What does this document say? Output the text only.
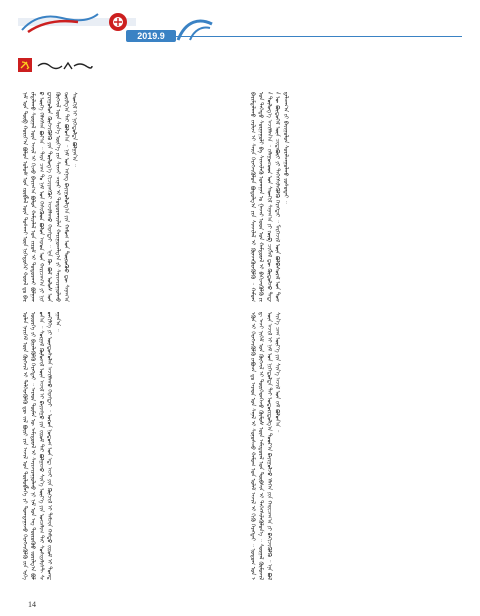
2019.9
ᠨᠠᠮ ᠤᠨ ᠲᠥᠪ ᠬᠣᠷᠢᠶ᠎ᠠ ᠪᠤᠯᠤᠨ ᠤᠯᠤᠰ ᠤᠨ ᠵᠥᠪᠯᠡᠯ ᠦᠨ ᠲᠤᠰᠬᠠᠶ ᠦᠨ ᠨᠢᠭᠡᠳᠦᠭᠡᠷ ᠬᠤᠷᠠᠯ ᠳᠤ ᠪᠠᠷᠢᠮᠲᠠᠯᠠᠬᠤ ᠰᠤᠷᠭᠠᠯ ᠦᠨ ᠠᠵᠢᠯ ᠢ ᠬᠢᠵᠦ ᠪᠠᠶᠢᠭ᠎ᠠ ᠪᠣᠯᠤᠨ ᠬᠠᠮᠢᠶᠠᠯᠠᠯ ᠤᠨ ᠵᠢᠷᠤᠮ ᠢ ᠲᠣᠳᠤᠷᠬᠠᠶ ᠪᠣᠯᠭᠠᠬᠤ ᠦᠭᠡ ᠬᠡᠯᠡᠭᠰᠡᠨ ᠪᠤᠶ᠎ᠠ ᠃ ᠲᠡᠷᠡ ᠴᠠᠭ ᠲᠤ ᠨᠠᠮ ᠤᠨ ᠭᠡᠰᠢᠭᠦᠳ ᠪᠣᠯᠤᠨ ᠠᠷᠠᠳ ᠤᠨ ᠬᠠᠷᠢᠴᠠᠭ᠎ᠠ ᠶᠢ ᠨᠢᠭᠲᠠᠷᠠᠭᠤᠯᠤᠨ ᠬᠥᠭᠵᠢᠭᠦᠯᠬᠦ ᠶᠢᠨ ᠲᠥᠯᠦᠭ᠎ᠡ ᠬᠢᠴᠢᠶᠡᠩᠭᠦᠢ ᠠᠵᠢᠯᠯᠠᠬᠤ ᠬᠡᠷᠡᠭᠲᠡᠢ ᠃ ᠡᠨᠡ ᠬᠦ ᠪᠤᠯ ᠤᠯᠤᠰ ᠤᠨ ᠬᠥᠭᠵᠢᠯ ᠦᠨ ᠰᠢᠨ᠎ᠡ ᠦᠶ᠎ᠡ ᠶᠢᠨ ᠰᠢᠨᠵᠢ ᠴᠢᠨᠠᠷ ᠢ ᠲᠣᠳᠤᠷᠬᠠᠶᠢᠯᠠᠨ ᠬᠠᠷᠢᠭᠤᠴᠠᠯᠭ᠎ᠠ ᠶᠢ ᠰᠠᠶᠢᠵᠢᠷᠠᠭᠤᠯᠬᠤ ᠵᠣᠷᠢᠯᠭ᠎ᠠ ᠲᠠᠶ ᠪᠣᠯᠤᠨ᠎ᠠ ᠃ ᠨᠠᠮ ᠤᠨ ᠡᠩᠨᠡᠭ ᠪᠠᠶᠢᠭᠤᠯᠤᠯᠭ᠎ᠠ ᠶᠢᠨ ᠬᠠᠮᠤᠭ ᠤᠨ ᠲᠦᠷᠦᠭᠦᠦ ᠳᠦ ᠰᠠᠨᠠᠭ᠎ᠠ ᠰᠡᠳᠬᠢᠯ ᠢ ᠨᠢᠭᠡᠳᠦᠯᠲᠡ ᠪᠣᠯᠭᠠᠨ᠎ᠠ ᠃
ᠣᠯᠠᠨ ᠨᠡᠶᠢᠭᠡᠮ ᠦᠨ ᠬᠥᠭᠵᠢᠯ ᠢ ᠲᠡᠯᠭᠡᠷᠡᠭᠦᠯᠬᠦ ᠳᠦ ᠵᠢᠯ ᠪᠦᠷᠢ ᠶᠢᠨ ᠠᠵᠢᠯ ᠤᠨ ᠲᠥᠯᠦᠪᠯᠡᠭᠡ ᠶᠢ ᠲᠣᠭᠲᠠᠭᠠᠵᠤ ᠬᠡᠷᠡᠭᠵᠢᠭᠦᠯᠬᠦ ᠶᠢᠨ ᠡᠷᠬᠡ ᠦᠦᠷᠭᠡ ᠶᠢ ᠪᠢᠶᠡᠯᠡᠭᠦᠯᠬᠦ ᠬᠡᠷᠡᠭᠲᠡᠢ ᠃ ᠠᠷᠠᠳ ᠲᠦᠮᠡᠨ ᠦ ᠠᠮᠢᠳᠤᠷᠠᠯ ᠢ ᠰᠠᠶᠢᠵᠢᠷᠠᠭᠤᠯᠬᠤ ᠨᠢ ᠨᠠᠮ ᠤᠨ ᠡᠩ ᠲᠦᠷᠦᠭᠦᠦ ᠵᠣᠷᠢᠯᠭ᠎ᠠ ᠪᠣᠯᠤᠨ᠎ᠠ ᠃ ᠰᠤᠷᠭᠠᠯ ᠬᠦᠮᠦᠵᠢᠯ ᠦᠨ ᠠᠵᠢᠯ ᠢ ᠪᠠᠶᠢᠩᠭᠤ ᠶᠢᠨ ᠵᠢᠷᠤᠮ ᠲᠠᠶ ᠪᠣᠯᠭᠠᠵᠤ ᠰᠢᠨ᠎ᠡ ᠦᠶ᠎ᠡ ᠶᠢᠨ ᠣᠨᠴᠠᠯᠢᠭ ᠲᠠᠶ ᠰᠣᠰᠢᠶᠠᠯᠢᠰᠲ ᠰᠡᠳᠬᠢᠯᠭᠡ ᠶᠢ ᠦᠨᠳᠦᠰᠦᠯᠡᠨ ᠠᠵᠢᠯᠯᠠᠬᠤ ᠬᠡᠷᠡᠭᠲᠡᠢ ᠃ ᠣᠷᠣᠨ ᠨᠤᠲᠤᠭ ᠤᠨ ᠡᠳ᠋ ᠠᠵᠢ ᠶᠢᠨ ᠬᠥᠭᠵᠢᠯ ᠢ ᠳᠡᠮᠵᠢᠨ ᠬᠠᠮᠲᠤ ᠵᠢᠷᠤᠮ ᠢ ᠲᠣᠭᠲᠠᠭᠠᠨ᠎ᠠ ᠃
ᠪᠠᠷᠢᠮᠲᠠᠯᠠᠬᠤ ᠵᠠᠷᠯᠢᠭ ᠢ ᠰᠠᠢᠨ ᠬᠡᠷᠡᠭᠵᠢᠭᠦᠯᠦᠨ ᠪᠣᠳᠤᠯᠭ᠎ᠠ ᠶᠢᠨ ᠰᠢᠨᠵᠢᠯᠡᠯ ᠢ ᠭᠦᠨᠵᠡᠭᠦᠷᠡᠭᠦᠯᠬᠦ ᠃ ᠬᠠᠮᠤᠭ ᠤᠨ ᠳᠡᠭᠡᠳᠦ ᠰᠤᠷᠭᠠᠭᠤᠯᠢ ᠪᠠ ᠰᠢᠨᠵᠢᠯᠡᠬᠦ ᠤᠬᠠᠭᠠᠨ ᠤ ᠭᠠᠵᠠᠷ ᠤᠳ ᠤᠨ ᠬᠠᠮᠲᠤᠷᠠᠯ ᠢ ᠪᠡᠬᠢᠵᠢᠭᠦᠯᠬᠦ ᠶᠢᠨ ᠲᠥᠯᠦᠭ᠎ᠡ ᠠᠵᠢᠯᠯᠠᠨ᠎ᠠ ᠃ ᠵᠠᠯᠠᠭᠤᠴᠤᠳ ᠤᠨ ᠰᠡᠳᠬᠢᠯ ᠰᠠᠨᠠᠭ᠎ᠠ ᠶᠢ ᠵᠥᠪ ᠴᠢᠭᠯᠡᠯ ᠳᠦ ᠬᠥᠲᠥᠯᠵᠦ ᠲᠡᠳᠡᠨ ᠦ ᠪᠦᠲᠦᠭᠡᠯ ᠦᠨ ᠴᠢᠳᠠᠪᠤᠷᠢ ᠶᠢ ᠳᠡᠭᠡᠭᠰᠢᠯᠡᠭᠦᠯᠬᠦ ᠬᠡᠷᠡᠭᠲᠡᠢ ᠃ ᠮᠡᠷᠭᠡᠵᠢᠯ ᠦᠨ ᠪᠣᠯᠪᠠᠰᠤᠷᠠᠯ ᠤᠨ ᠲᠣᠭᠲᠠᠯᠴᠠᠭ᠎ᠠ ᠶᠢ ᠪᠠᠶᠢᠭᠤᠯᠤᠨ ᠰᠤᠷᠠᠯᠴᠠᠭᠤᠯᠬᠤ ᠶᠣᠰᠤᠲᠠᠶ ᠃
ᠡᠭᠦᠨ ᠢ ᠬᠡᠷᠡᠭᠵᠢᠭᠦᠯᠬᠦ ᠶᠠᠪᠤᠴᠠ ᠳᠤ ᠠᠷᠠᠳ ᠤᠨ ᠰᠠᠨᠠᠯ ᠢ ᠰᠣᠨᠣᠰᠴᠤ ᠬᠠᠮᠤᠭ ᠤᠨ ᠤᠯᠠᠮ ᠠᠵᠢᠯ ᠢ ᠬᠢᠬᠦ ᠬᠡᠷᠡᠭᠲᠡᠢ ᠃ ᠨᠤᠲᠤᠭ ᠤᠨ ᠡᠳ᠋ ᠠᠵᠢ ᠨᠢᠭᠡᠮ ᠤᠨ ᠬᠥᠭᠵᠢᠯ ᠢ ᠲᠦᠷᠭᠡᠳᠬᠡᠵᠦ ᠬᠦᠮᠦᠰ ᠦᠨ ᠠᠮᠢᠳᠤᠷᠠᠯ ᠤᠨ ᠲᠦᠪᠰᠢᠨ ᠢ ᠳᠡᠭᠡᠭᠰᠢᠯᠡᠭᠦᠯᠦᠨ᠎ᠡ ᠃ ᠰᠤᠷᠭᠠᠯ ᠬᠦᠮᠦᠵᠢᠯ ᠦᠨ ᠠᠵᠢᠯ ᠢ ᠨᠠᠮ ᠤᠨ ᠨᠢᠭᠡᠳᠦᠯᠲᠡ ᠲᠠᠶ ᠤᠳᠤᠷᠢᠳᠤᠯᠭ᠎ᠠ ᠳᠤᠤᠷ᠎ᠠ ᠪᠠᠶᠢᠭᠤᠯᠵᠤ ᠡᠯᠡᠭᠡᠨ ᠶᠢᠨ ᠬᠠᠷᠢᠴᠠᠭ᠎ᠠ ᠶᠢ ᠪᠡᠬᠢᠵᠢᠭᠦᠯᠬᠦ ᠃ ᠡᠨᠡ ᠪᠣᠯ ᠰᠢᠨ᠎ᠡ ᠴᠠᠭ ᠦᠶ᠎ᠡ ᠶᠢᠨ ᠰᠢᠨ᠎ᠡ ᠠᠵᠢᠯ ᠤᠨ ᠵᠠᠮ ᠪᠣᠯᠤᠨ᠎ᠠ ᠃
14
